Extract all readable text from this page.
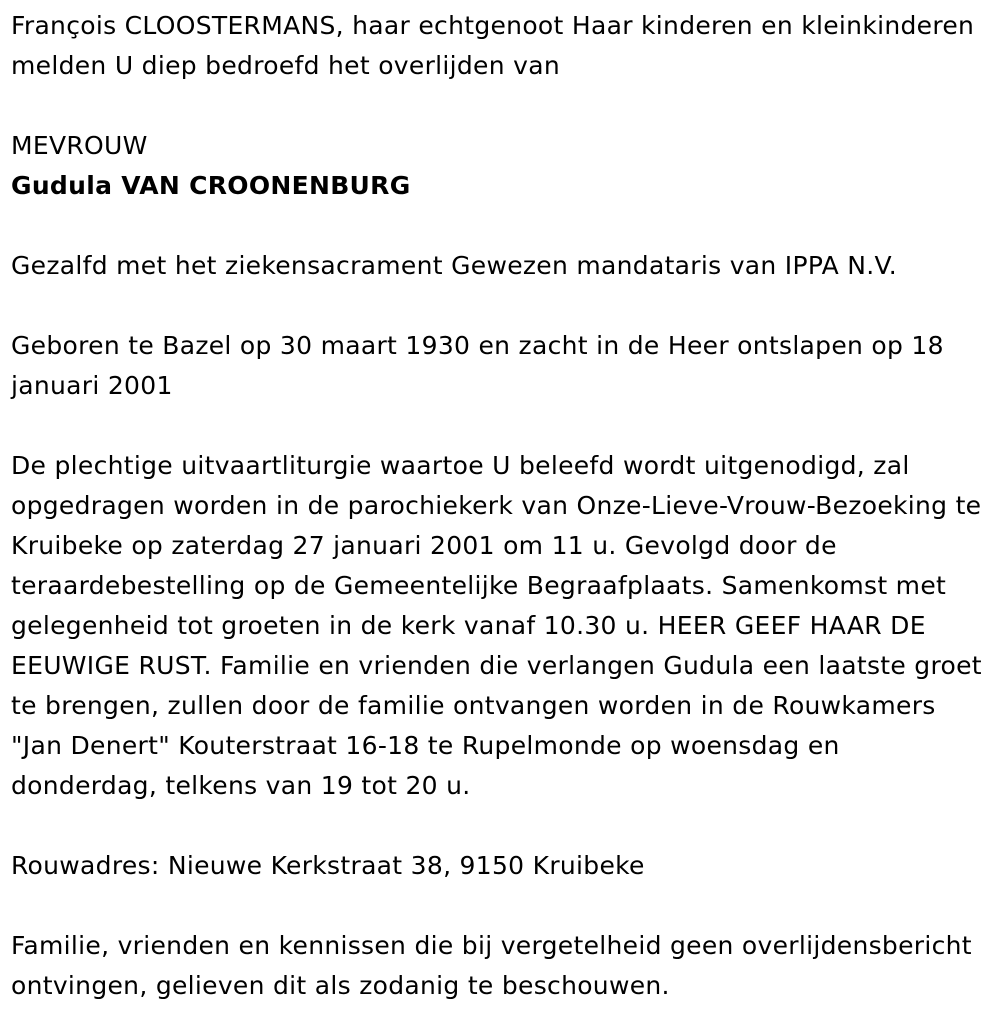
François CLOOSTERMANS, haar echtgenoot Haar kinderen en kleinkinderen melden U diep bedroefd het overlijden van

MEVROUW

Gudula VAN CROONENBURG

Gezalfd met het ziekensacrament Gewezen mandataris van IPPA N.V.

Geboren te Bazel op 30 maart 1930 en zacht in de Heer ontslapen op 18 januari 2001

De plechtige uitvaartliturgie waartoe U beleefd wordt uitgenodigd, zal opgedragen worden in de parochiekerk van Onze-Lieve-Vrouw-Bezoeking te Kruibeke op zaterdag 27 januari 2001 om 11 u. Gevolgd door de teraardebestelling op de Gemeentelijke Begraafplaats. Samenkomst met gelegenheid tot groeten in de kerk vanaf 10.30 u. HEER GEEF HAAR DE EEUWIGE RUST. Familie en vrienden die verlangen Gudula een laatste groet te brengen, zullen door de familie ontvangen worden in de Rouwkamers "Jan Denert" Kouterstraat 16-18 te Rupelmonde op woensdag en donderdag, telkens van 19 tot 20 u.

Rouwadres: Nieuwe Kerkstraat 38, 9150 Kruibeke

Familie, vrienden en kennissen die bij vergetelheid geen overlijdensbericht ontvingen, gelieven dit als zodanig te beschouwen.
